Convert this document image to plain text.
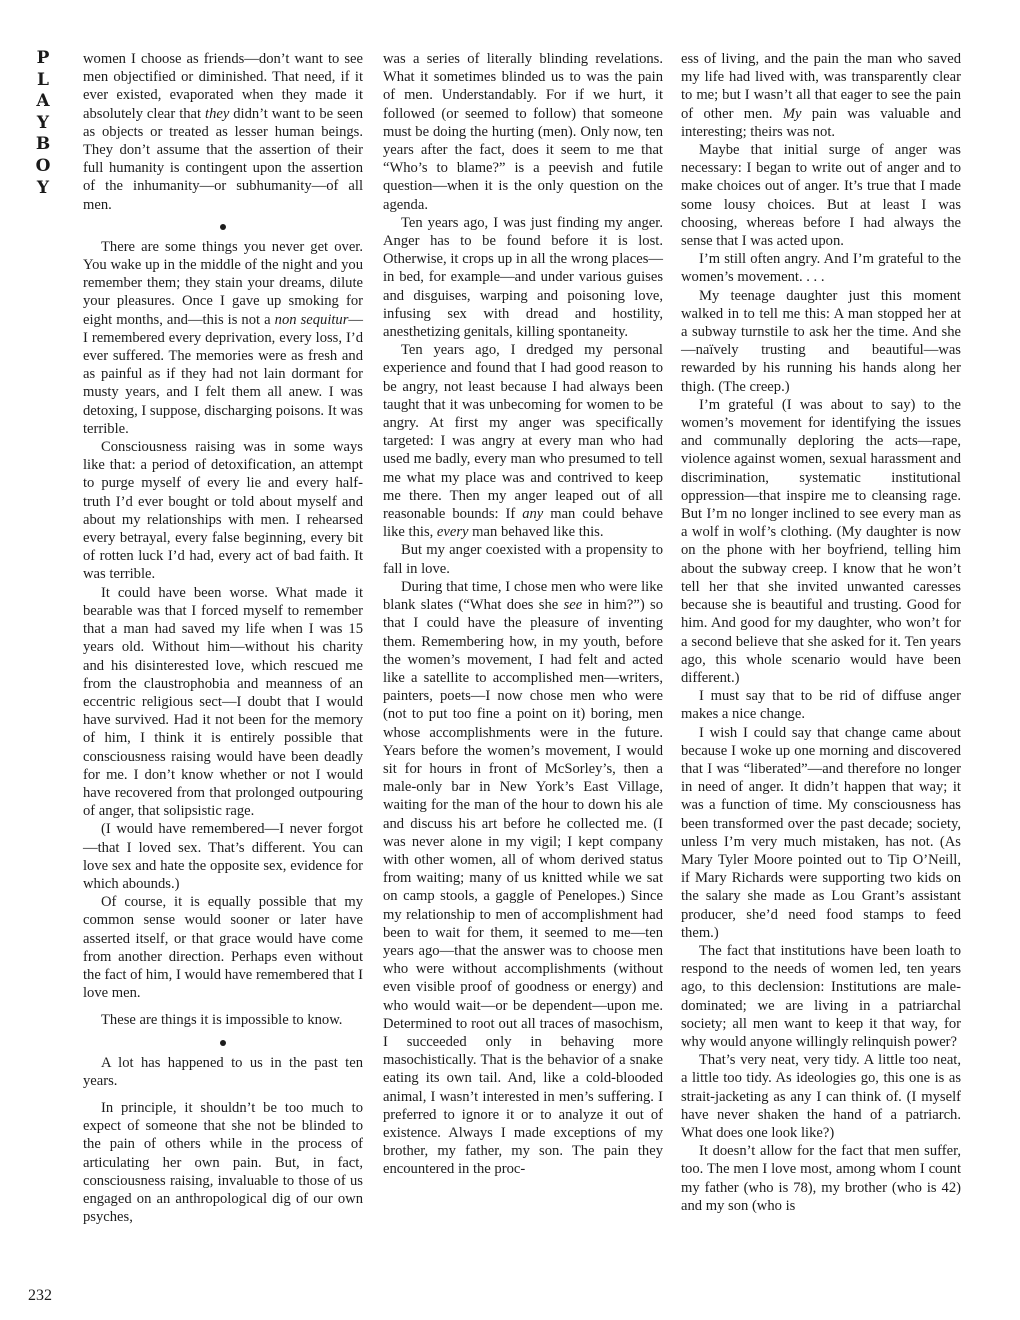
P
L
A
Y
B
O
Y
232

women I choose as friends—don’t want to see men objectified or diminished. That need, if it ever existed, evaporated when they made it absolutely clear that they didn’t want to be seen as objects or treated as lesser human beings. They don’t assume that the assertion of their full humanity is contingent upon the assertion of the inhumanity—or subhumanity—of all men.

There are some things you never get over. You wake up in the middle of the night and you remember them; they stain your dreams, dilute your pleasures. Once I gave up smoking for eight months, and—this is not a non sequitur—I remembered every deprivation, every loss, I’d ever suffered. The memories were as fresh and as painful as if they had not lain dormant for musty years, and I felt them all anew. I was detoxing, I suppose, discharging poisons. It was terrible.

Consciousness raising was in some ways like that: a period of detoxification, an attempt to purge myself of every lie and every half-truth I’d ever bought or told about myself and about my relationships with men. I rehearsed every betrayal, every false beginning, every bit of rotten luck I’d had, every act of bad faith. It was terrible.

It could have been worse. What made it bearable was that I forced myself to remember that a man had saved my life when I was 15 years old. Without him—without his charity and his disinterested love, which rescued me from the claustrophobia and meanness of an eccentric religious sect—I doubt that I would have survived. Had it not been for the memory of him, I think it is entirely possible that consciousness raising would have been deadly for me. I don’t know whether or not I would have recovered from that prolonged outpouring of anger, that solipsistic rage.

(I would have remembered—I never forgot—that I loved sex. That’s different. You can love sex and hate the opposite sex, evidence for which abounds.)

Of course, it is equally possible that my common sense would sooner or later have asserted itself, or that grace would have come from another direction. Perhaps even without the fact of him, I would have remembered that I love men.

These are things it is impossible to know.

A lot has happened to us in the past ten years.

In principle, it shouldn’t be too much to expect of someone that she not be blinded to the pain of others while in the process of articulating her own pain. But, in fact, consciousness raising, invaluable to those of us engaged on an anthropological dig of our own psyches,

was a series of literally blinding revelations. What it sometimes blinded us to was the pain of men. Understandably. For if we hurt, it followed (or seemed to follow) that someone must be doing the hurting (men). Only now, ten years after the fact, does it seem to me that “Who’s to blame?” is a peevish and futile question—when it is the only question on the agenda.

Ten years ago, I was just finding my anger. Anger has to be found before it is lost. Otherwise, it crops up in all the wrong places—in bed, for example—and under various guises and disguises, warping and poisoning love, infusing sex with dread and hostility, anesthetizing genitals, killing spontaneity.

Ten years ago, I dredged my personal experience and found that I had good reason to be angry, not least because I had always been taught that it was unbecoming for women to be angry. At first my anger was specifically targeted: I was angry at every man who had used me badly, every man who presumed to tell me what my place was and contrived to keep me there. Then my anger leaped out of all reasonable bounds: If any man could behave like this, every man behaved like this.

But my anger coexisted with a propensity to fall in love.

During that time, I chose men who were like blank slates (“What does she see in him?”) so that I could have the pleasure of inventing them. Remembering how, in my youth, before the women’s movement, I had felt and acted like a satellite to accomplished men—writers, painters, poets—I now chose men who were (not to put too fine a point on it) boring, men whose accomplishments were in the future. Years before the women’s movement, I would sit for hours in front of McSorley’s, then a male-only bar in New York’s East Village, waiting for the man of the hour to down his ale and discuss his art before he collected me. (I was never alone in my vigil; I kept company with other women, all of whom derived status from waiting; many of us knitted while we sat on camp stools, a gaggle of Penelopes.) Since my relationship to men of accomplishment had been to wait for them, it seemed to me—ten years ago—that the answer was to choose men who were without accomplishments (without even visible proof of goodness or energy) and who would wait—or be dependent—upon me. Determined to root out all traces of masochism, I succeeded only in behaving more masochistically. That is the behavior of a snake eating its own tail. And, like a cold-blooded animal, I wasn’t interested in men’s suffering. I preferred to ignore it or to analyze it out of existence. Always I made exceptions of my brother, my father, my son. The pain they encountered in the proc-

ess of living, and the pain the man who saved my life had lived with, was transparently clear to me; but I wasn’t all that eager to see the pain of other men. My pain was valuable and interesting; theirs was not.

Maybe that initial surge of anger was necessary: I began to write out of anger and to make choices out of anger. It’s true that I made some lousy choices. But at least I was choosing, whereas before I had always the sense that I was acted upon.

I’m still often angry. And I’m grateful to the women’s movement. . . .

My teenage daughter just this moment walked in to tell me this: A man stopped her at a subway turnstile to ask her the time. And she—naïvely trusting and beautiful—was rewarded by his running his hands along her thigh. (The creep.)

I’m grateful (I was about to say) to the women’s movement for identifying the issues and communally deploring the acts—rape, violence against women, sexual harassment and discrimination, systematic institutional oppression—that inspire me to cleansing rage. But I’m no longer inclined to see every man as a wolf in wolf’s clothing. (My daughter is now on the phone with her boyfriend, telling him about the subway creep. I know that he won’t tell her that she invited unwanted caresses because she is beautiful and trusting. Good for him. And good for my daughter, who won’t for a second believe that she asked for it. Ten years ago, this whole scenario would have been different.)

I must say that to be rid of diffuse anger makes a nice change.

I wish I could say that change came about because I woke up one morning and discovered that I was “liberated”—and therefore no longer in need of anger. It didn’t happen that way; it was a function of time. My consciousness has been transformed over the past decade; society, unless I’m very much mistaken, has not. (As Mary Tyler Moore pointed out to Tip O’Neill, if Mary Richards were supporting two kids on the salary she made as Lou Grant’s assistant producer, she’d need food stamps to feed them.)

The fact that institutions have been loath to respond to the needs of women led, ten years ago, to this declension: Institutions are male-dominated; we are living in a patriarchal society; all men want to keep it that way, for why would anyone willingly relinquish power?

That’s very neat, very tidy. A little too neat, a little too tidy. As ideologies go, this one is as strait-jacketing as any I can think of. (I myself have never shaken the hand of a patriarch. What does one look like?)

It doesn’t allow for the fact that men suffer, too. The men I love most, among whom I count my father (who is 78), my brother (who is 42) and my son (who is
